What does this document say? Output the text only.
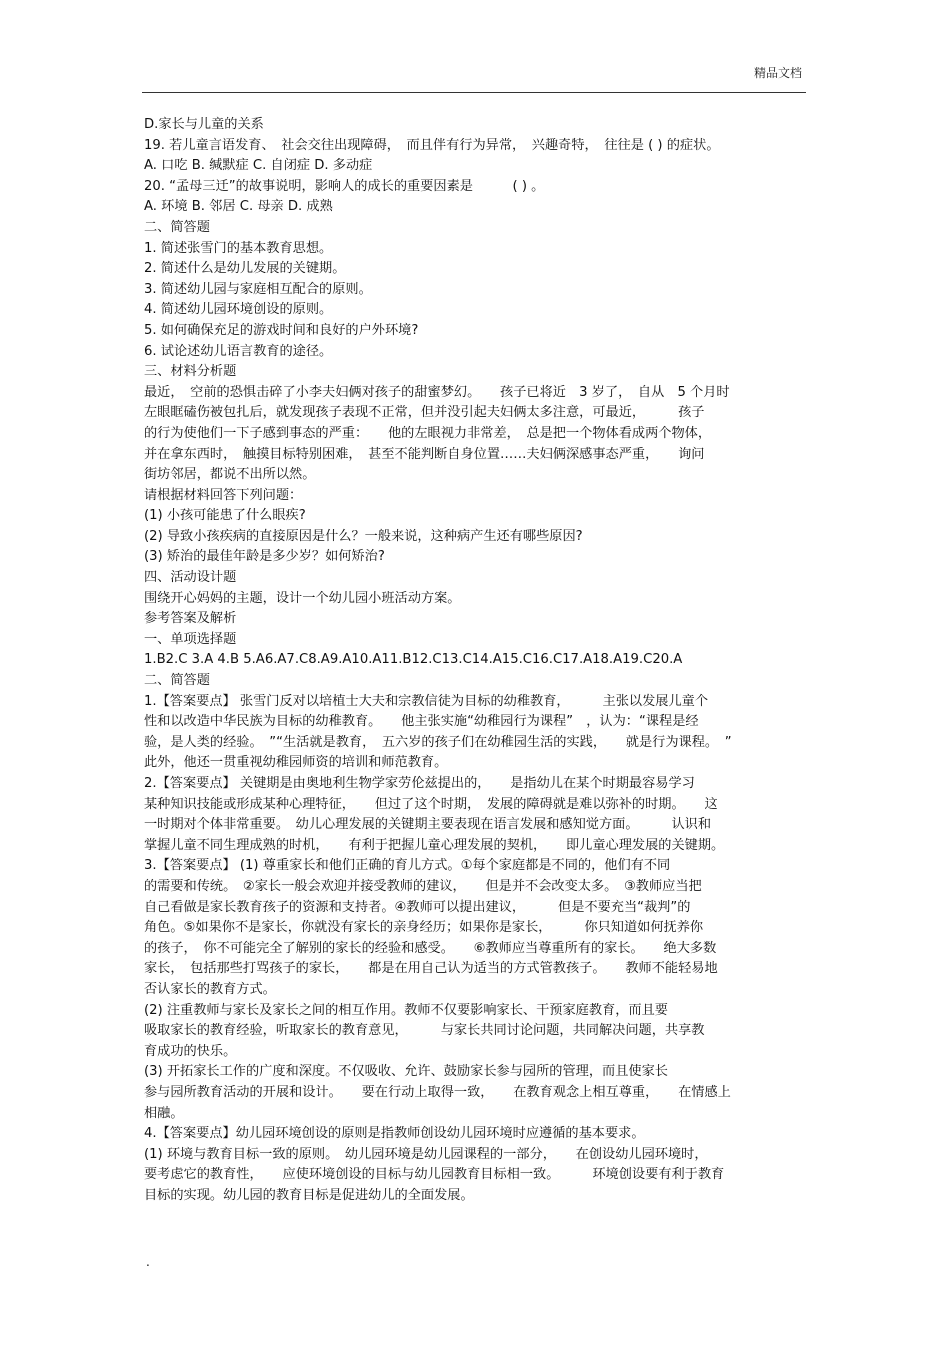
精品文档
D.家长与儿童的关系
19. 若儿童言语发育、　社会交往出现障碍，　而且伴有行为异常，　兴趣奇特，　往往是 ( ) 的症状。
A. 口吃 B. 缄默症 C. 自闭症 D. 多动症
20. “孟母三迁”的故事说明，影响人的成长的重要因素是　　　( ) 。
A. 环境 B. 邻居 C. 母亲 D. 成熟
二、简答题
1. 简述张雪门的基本教育思想。
2. 简述什么是幼儿发展的关键期。
3. 简述幼儿园与家庭相互配合的原则。
4. 简述幼儿园环境创设的原则。
5. 如何确保充足的游戏时间和良好的户外环境?
6. 试论述幼儿语言教育的途径。
三、材料分析题
最近，　空前的恐惧击碎了小李夫妇俩对孩子的甜蜜梦幻。　　孩子已将近　3 岁了，　自从　5 个月时
左眼眶磕伤被包扎后，就发现孩子表现不正常，但并没引起夫妇俩太多注意，可最近，　　　孩子
的行为使他们一下子感到事态的严重：　　他的左眼视力非常差，　总是把一个物体看成两个物体，
并在拿东西时，　触摸目标特别困难，　甚至不能判断自身位置……夫妇俩深感事态严重，　　询问
街坊邻居，都说不出所以然。
请根据材料回答下列问题：
(1) 小孩可能患了什么眼疾?
(2) 导致小孩疾病的直接原因是什么？一般来说，这种病产生还有哪些原因?
(3) 矫治的最佳年龄是多少岁？如何矫治?
四、活动设计题
围绕开心妈妈的主题，设计一个幼儿园小班活动方案。
参考答案及解析
一、单项选择题
1.B2.C 3.A 4.B 5.A6.A7.C8.A9.A10.A11.B12.C13.C14.A15.C16.C17.A18.A19.C20.A
二、简答题
1.【答案要点】 张雪门反对以培植士大夫和宗教信徒为目标的幼稚教育，　　　主张以发展儿童个
性和以改造中华民族为目标的幼稚教育。　　他主张实施“幼稚园行为课程”　，认为：“课程是经
验，是人类的经验。　”“生活就是教育，　五六岁的孩子们在幼稚园生活的实践，　　就是行为课程。　”
此外，他还一贯重视幼稚园师资的培训和师范教育。
2.【答案要点】 关键期是由奥地利生物学家劳伦兹提出的，　　是指幼儿在某个时期最容易学习
某种知识技能或形成某种心理特征，　　但过了这个时期，　发展的障碍就是难以弥补的时期。　　这
一时期对个体非常重要。　幼儿心理发展的关键期主要表现在语言发展和感知觉方面。　　　认识和
掌握儿童不同生理成熟的时机，　　有利于把握儿童心理发展的契机，　　即儿童心理发展的关键期。
3.【答案要点】 (1) 尊重家长和他们正确的育儿方式。①每个家庭都是不同的，他们有不同
的需要和传统。　②家长一般会欢迎并接受教师的建议，　　但是并不会改变太多。　③教师应当把
自己看做是家长教育孩子的资源和支持者。④教师可以提出建议，　　　但是不要充当“裁判”的
角色。⑤如果你不是家长，你就没有家长的亲身经历；如果你是家长，　　　你只知道如何抚养你
的孩子，　你不可能完全了解别的家长的经验和感受。　　⑥教师应当尊重所有的家长。　　绝大多数
家长，　包括那些打骂孩子的家长，　　都是在用自己认为适当的方式管教孩子。　　教师不能轻易地
否认家长的教育方式。
(2) 注重教师与家长及家长之间的相互作用。教师不仅要影响家长、干预家庭教育，而且要
吸取家长的教育经验，听取家长的教育意见，　　　与家长共同讨论问题，共同解决问题，共享教
育成功的快乐。
(3) 开拓家长工作的广度和深度。不仅吸收、允许、鼓励家长参与园所的管理，而且使家长
参与园所教育活动的开展和设计。　　要在行动上取得一致，　　在教育观念上相互尊重，　　在情感上
相融。
4.【答案要点】幼儿园环境创设的原则是指教师创设幼儿园环境时应遵循的基本要求。
(1) 环境与教育目标一致的原则。　幼儿园环境是幼儿园课程的一部分，　　在创设幼儿园环境时，
要考虑它的教育性，　　应使环境创设的目标与幼儿园教育目标相一致。　　　环境创设要有利于教育
目标的实现。幼儿园的教育目标是促进幼儿的全面发展。
.
